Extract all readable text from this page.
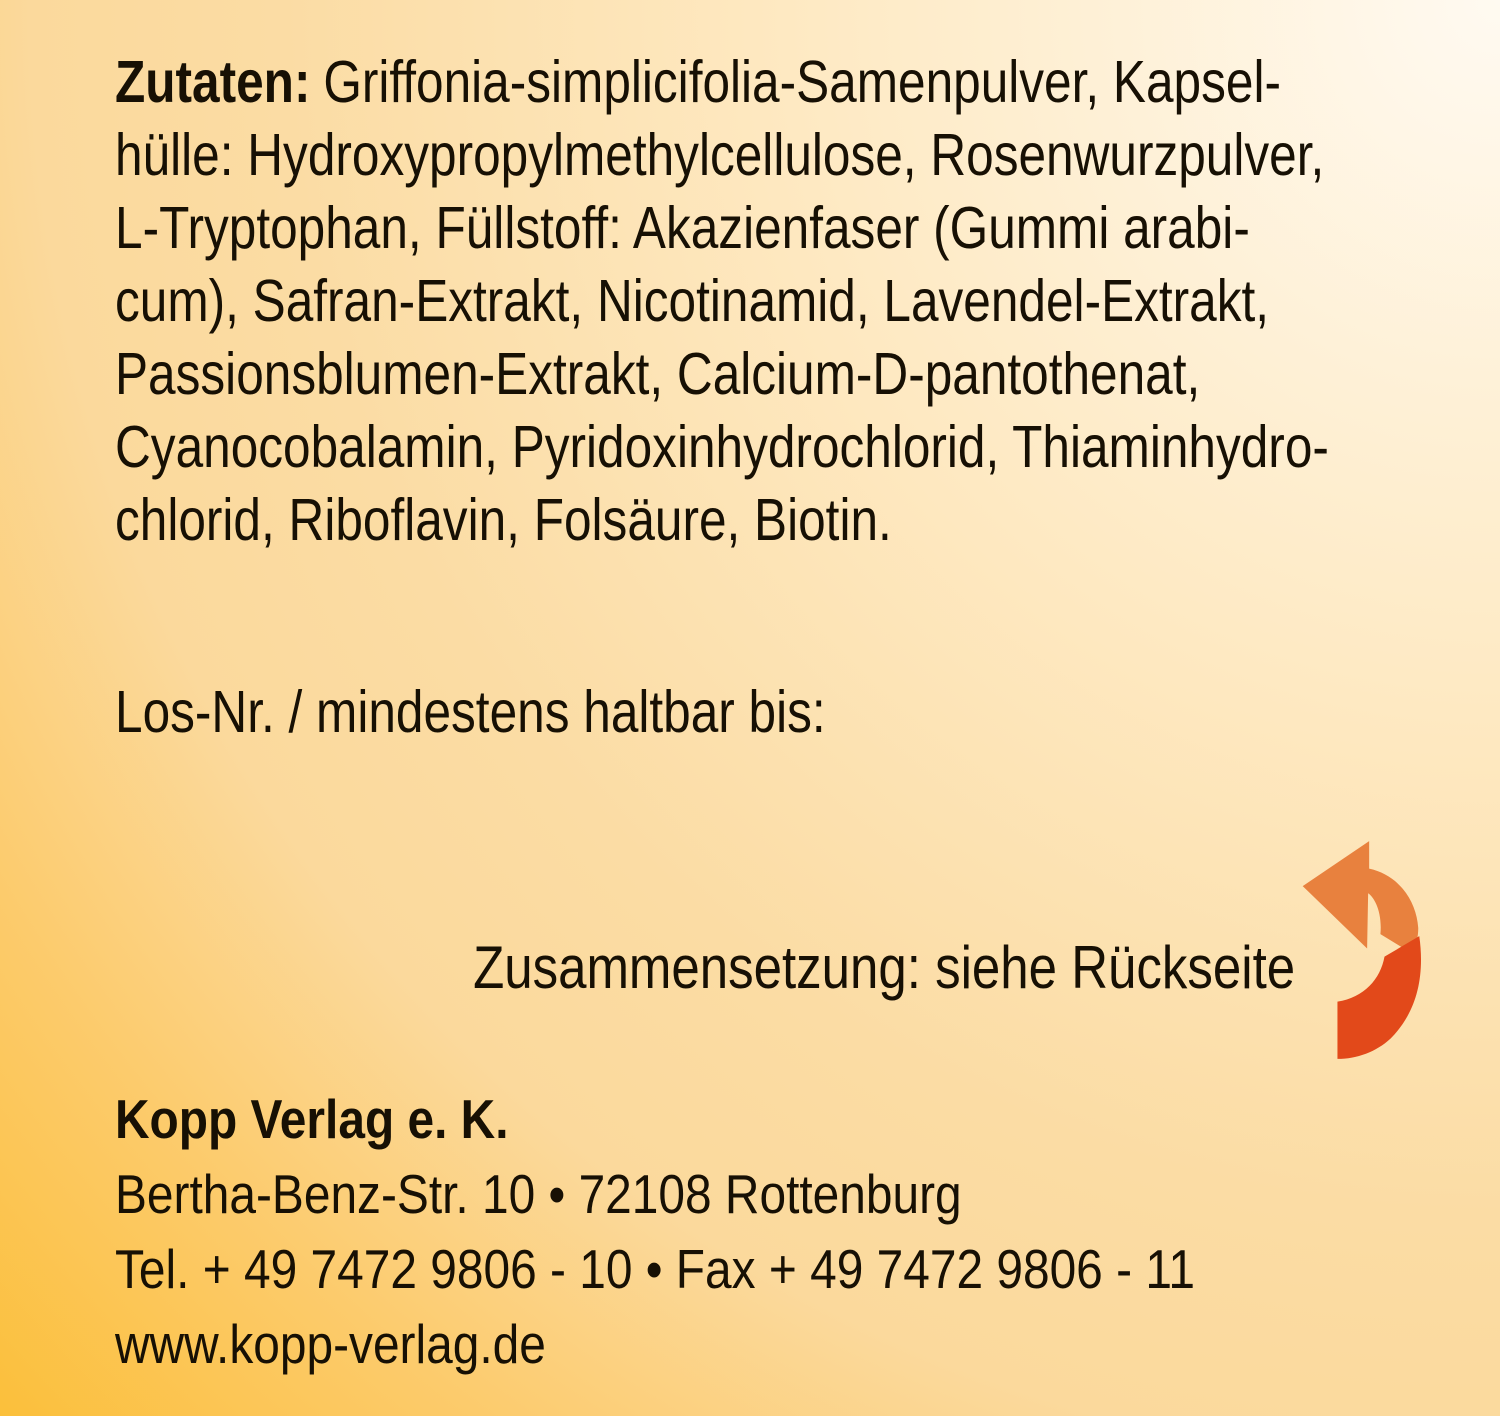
Zutaten: Griffonia-simplicifolia-Samenpulver, Kapsel-
hülle: Hydroxypropylmethylcellulose, Rosenwurzpulver,
L-Tryptophan, Füllstoff: Akazienfaser (Gummi arabi-
cum), Safran-Extrakt, Nicotinamid, Lavendel-Extrakt,
Passionsblumen-Extrakt, Calcium-D-pantothenat,
Cyanocobalamin, Pyridoxinhydrochlorid, Thiaminhydro-
chlorid, Riboflavin, Folsäure, Biotin.
Los-Nr. / mindestens haltbar bis:
Zusammensetzung: siehe Rückseite
Kopp Verlag e. K.
Bertha-Benz-Str. 10 • 72108 Rottenburg
Tel. + 49 7472 9806 - 10 • Fax + 49 7472 9806 - 11
www.kopp-verlag.de
